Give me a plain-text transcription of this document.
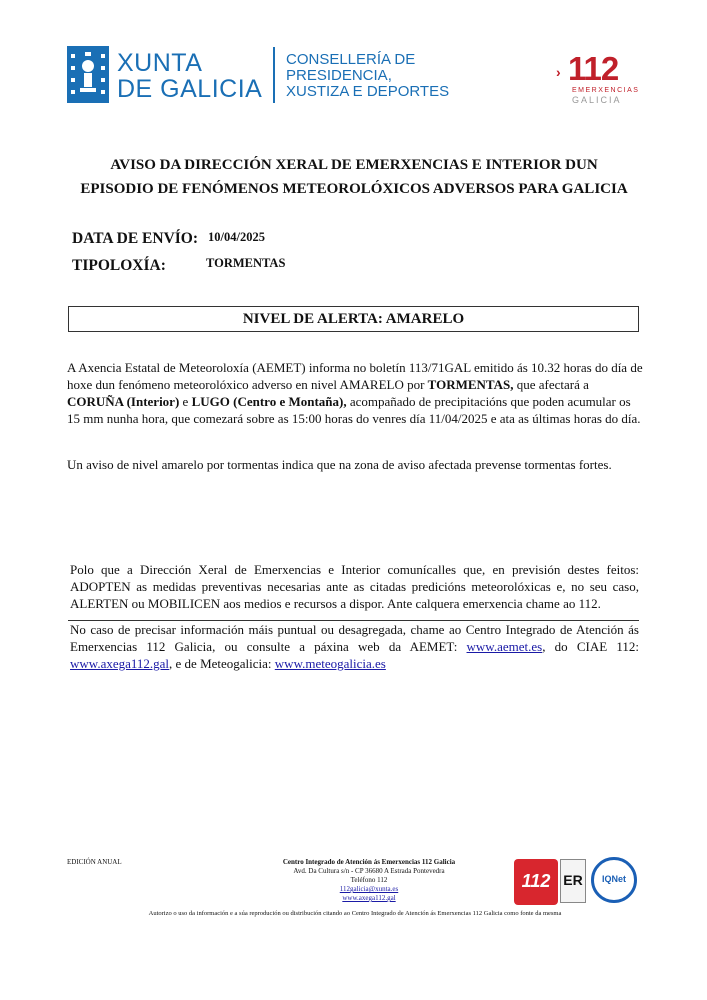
XUNTA
DE GALICIA
CONSELLERÍA DE
PRESIDENCIA,
XUSTIZA E DEPORTES
› 112
EMERXENCIAS
GALICIA
AVISO DA DIRECCIÓN XERAL DE EMERXENCIAS E INTERIOR DUN
EPISODIO DE FENÓMENOS METEOROLÓXICOS ADVERSOS PARA GALICIA
DATA DE ENVÍO: 10/04/2025
TIPOLOXÍA:	TORMENTAS
NIVEL DE ALERTA: AMARELO
A Axencia Estatal de Meteoroloxía (AEMET) informa no boletín 113/71GAL emitido ás 10.32 horas do día de hoxe dun fenómeno meteorolóxico adverso en nivel AMARELO por TORMENTAS, que afectará a CORUÑA (Interior) e LUGO (Centro e Montaña), acompañado de precipitacións que poden acumular os 15 mm nunha hora, que comezará sobre as 15:00 horas do venres día 11/04/2025 e ata as últimas horas do día.
Un aviso de nivel amarelo por tormentas indica que na zona de aviso afectada prevense tormentas fortes.
Polo que a Dirección Xeral de Emerxencias e Interior comunícalles que, en previsión destes feitos: ADOPTEN as medidas preventivas necesarias ante as citadas predicións meteorolóxicas e, no seu caso, ALERTEN ou MOBILICEN aos medios e recursos a dispor. Ante calquera emerxencia chame ao 112.
No caso de precisar información máis puntual ou desagregada, chame ao Centro Integrado de Atención ás Emerxencias 112 Galicia, ou consulte a páxina web da AEMET: www.aemet.es, do CIAE 112: www.axega112.gal, e de Meteogalicia: www.meteogalicia.es
EDICIÓN ANUAL	Centro Integrado de Atención ás Emerxencias 112 Galicia
Avd. Da Cultura s/n - CP 36680 A Estrada Pontevedra
Teléfono 112
112galicia@xunta.es
www.axega112.gal
112 ER	IQNet
Autorizo o uso da información e a súa reprodución ou distribución citando ao Centro Integrado de Atención ás Emerxencias 112 Galicia como fonte da mesma
